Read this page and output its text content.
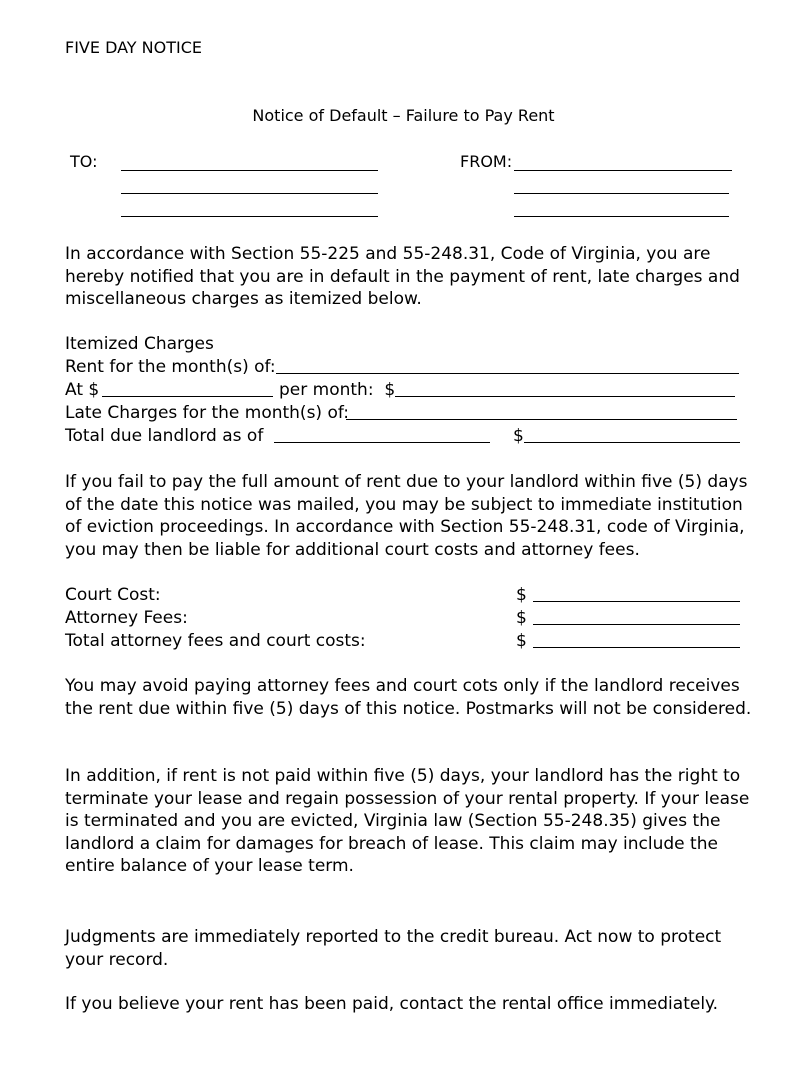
FIVE DAY NOTICE
Notice of Default – Failure to Pay Rent
TO:	FROM:
In accordance with Section 55-225 and 55-248.31, Code of Virginia, you are hereby notified that you are in default in the payment of rent, late charges and miscellaneous charges as itemized below.
Itemized Charges
Rent for the month(s) of:
At $	per month:  $
Late Charges for the month(s) of:
Total due landlord as of	$
If you fail to pay the full amount of rent due to your landlord within five (5) days of the date this notice was mailed, you may be subject to immediate institution of eviction proceedings. In accordance with Section 55-248.31, code of Virginia, you may then be liable for additional court costs and attorney fees.
Court Cost:	$
Attorney Fees:	$
Total attorney fees and court costs:	$
You may avoid paying attorney fees and court cots only if the landlord receives the rent due within five (5) days of this notice. Postmarks will not be considered.
In addition, if rent is not paid within five (5) days, your landlord has the right to terminate your lease and regain possession of your rental property. If your lease is terminated and you are evicted, Virginia law (Section 55-248.35) gives the landlord a claim for damages for breach of lease. This claim may include the entire balance of your lease term.
Judgments are immediately reported to the credit bureau. Act now to protect your record.
If you believe your rent has been paid, contact the rental office immediately.
